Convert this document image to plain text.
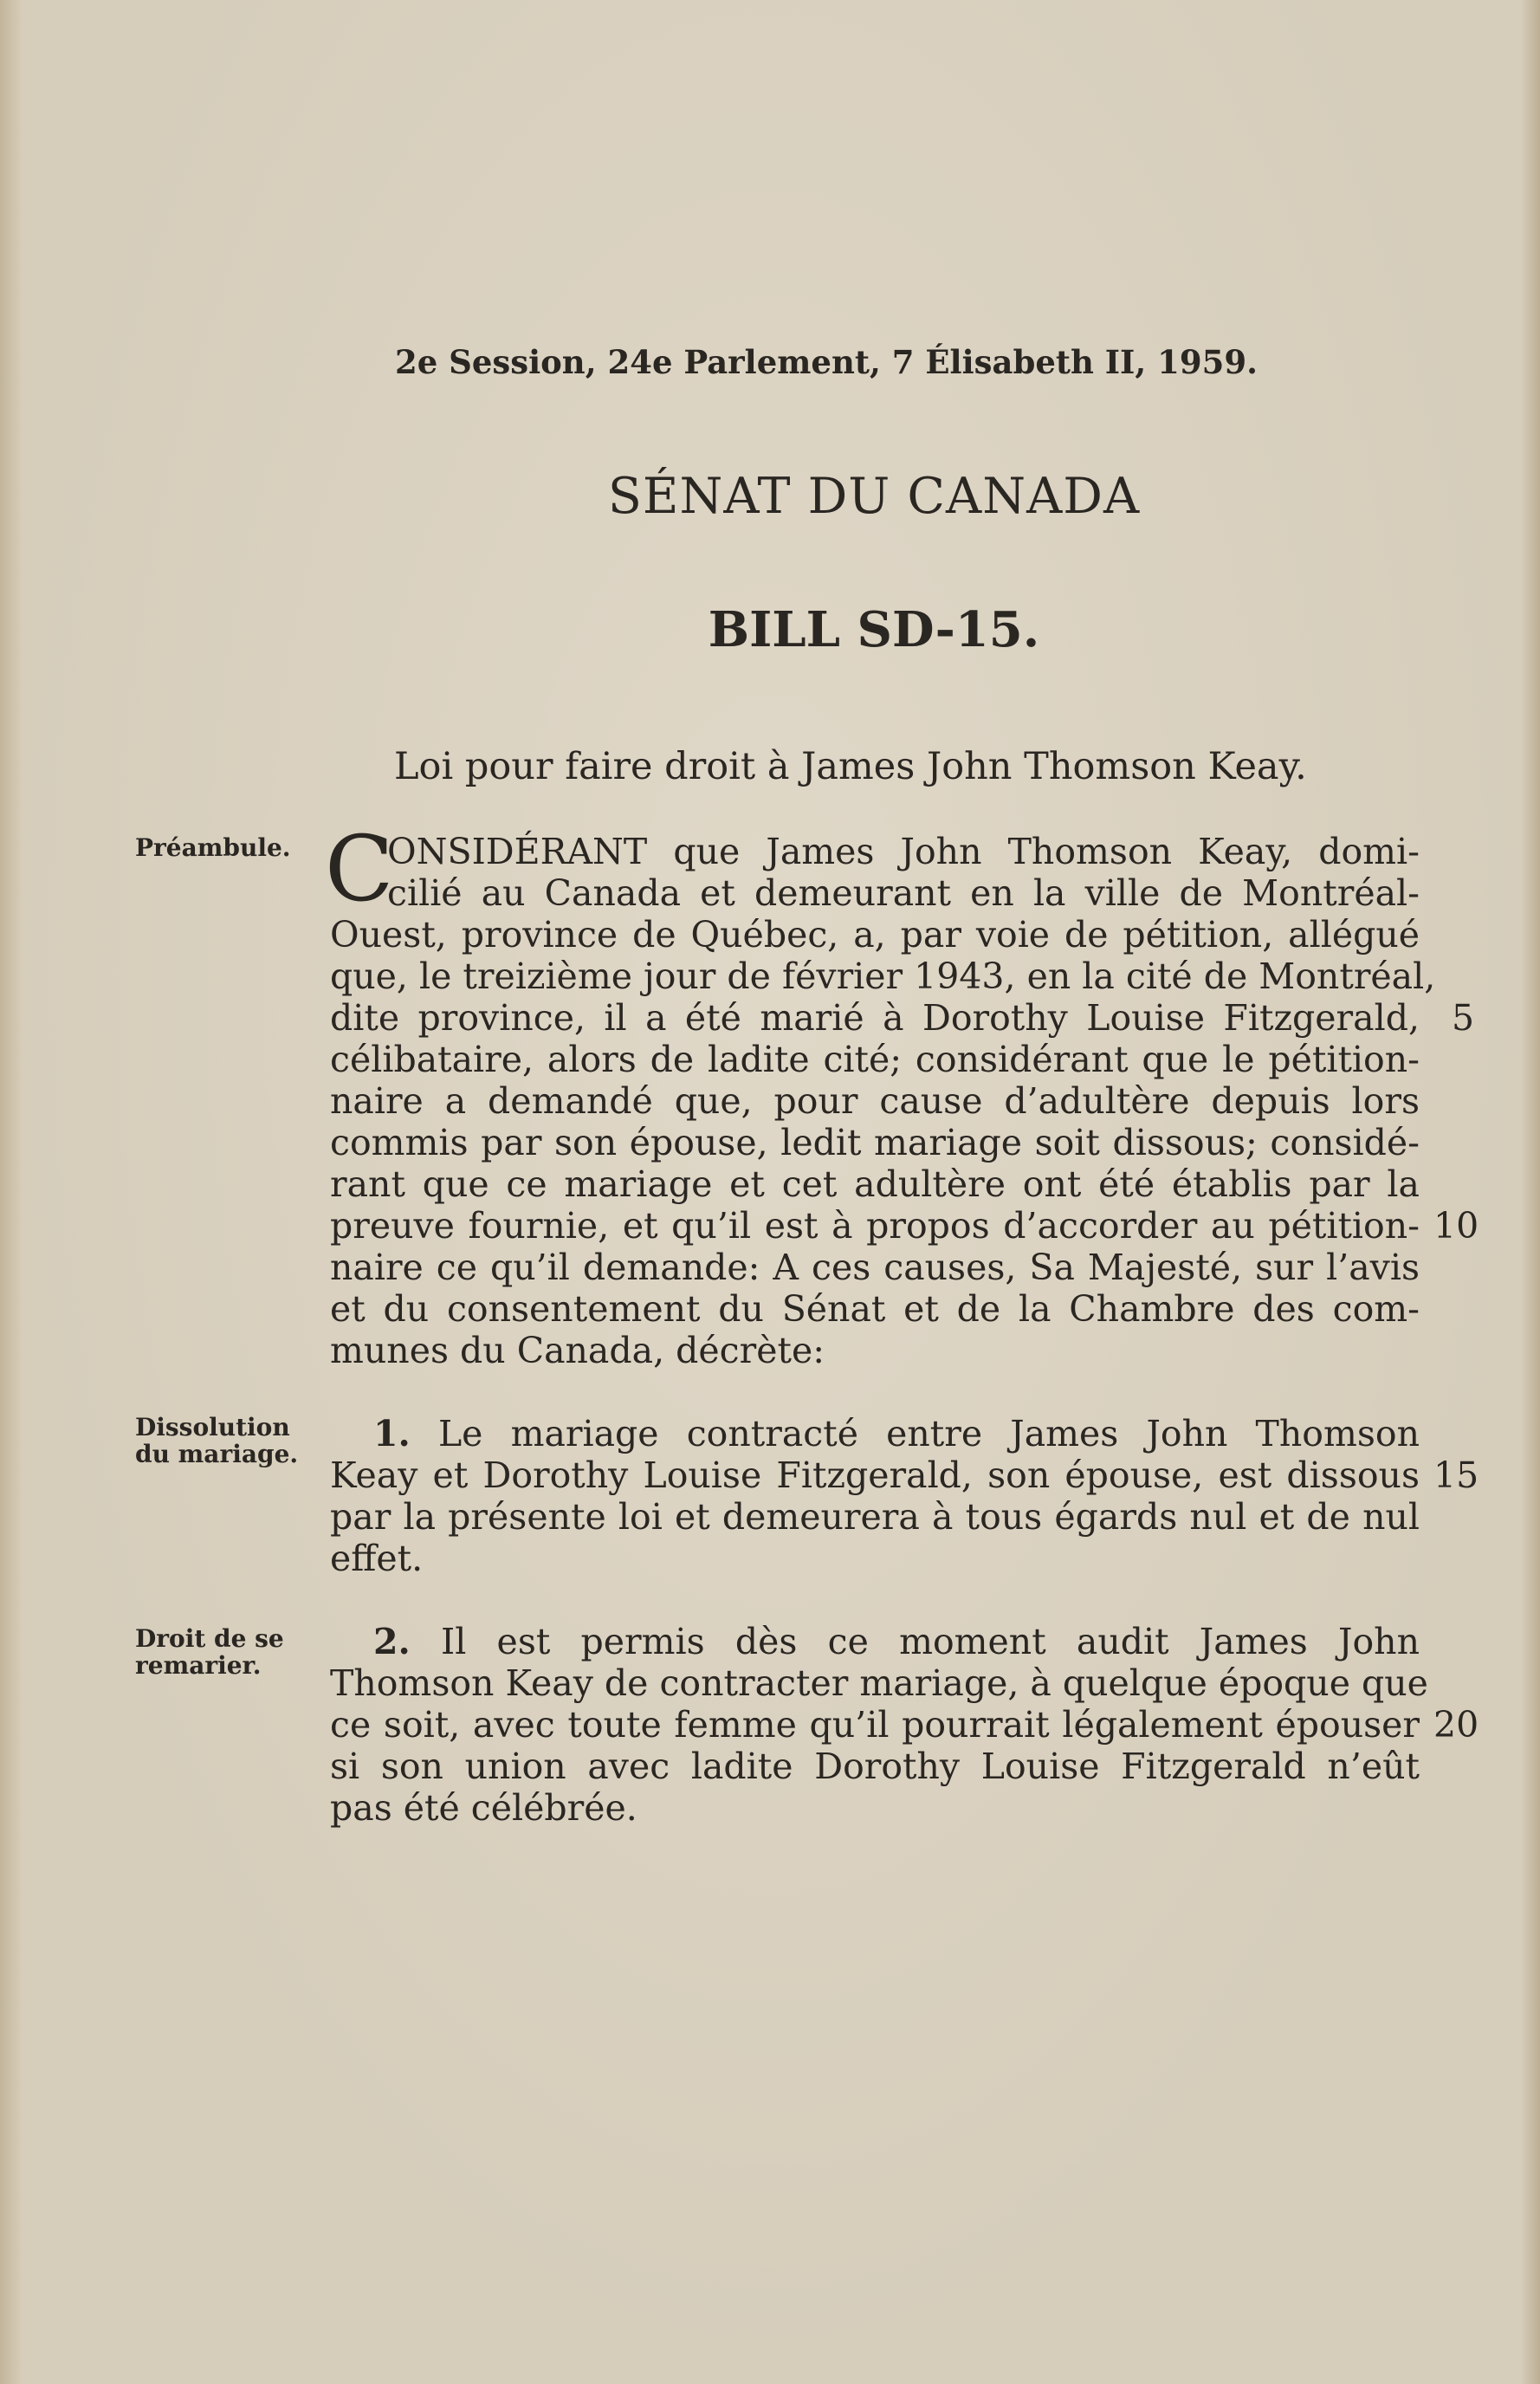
2e Session, 24e Parlement, 7 Élisabeth II, 1959.
SÉNAT DU CANADA
BILL SD-15.
Loi pour faire droit à James John Thomson Keay.
Préambule. C
ONSIDÉRANT que James John Thomson Keay, domi-
cilié au Canada et demeurant en la ville de Montréal-
Ouest, province de Québec, a, par voie de pétition, allégué
que, le treizième jour de février 1943, en la cité de Montréal,
dite province, il a été marié à Dorothy Louise Fitzgerald,
célibataire, alors de ladite cité; considérant que le pétition-
naire a demandé que, pour cause d’adultère depuis lors
commis par son épouse, ledit mariage soit dissous; considé-
rant que ce mariage et cet adultère ont été établis par la
preuve fournie, et qu’il est à propos d’accorder au pétition-
naire ce qu’il demande: A ces causes, Sa Majesté, sur l’avis
et du consentement du Sénat et de la Chambre des com-
munes du Canada, décrète:
Dissolution
du mariage.	1. Le mariage contracté entre James John Thomson
Keay et Dorothy Louise Fitzgerald, son épouse, est dissous
par la présente loi et demeurera à tous égards nul et de nul
effet.
Droit de se
remarier.
2. Il est permis dès ce moment audit James John
Thomson Keay de contracter mariage, à quelque époque que
ce soit, avec toute femme qu’il pourrait légalement épouser
si son union avec ladite Dorothy Louise Fitzgerald n’eût
pas été célébrée.
5
10
15
20
